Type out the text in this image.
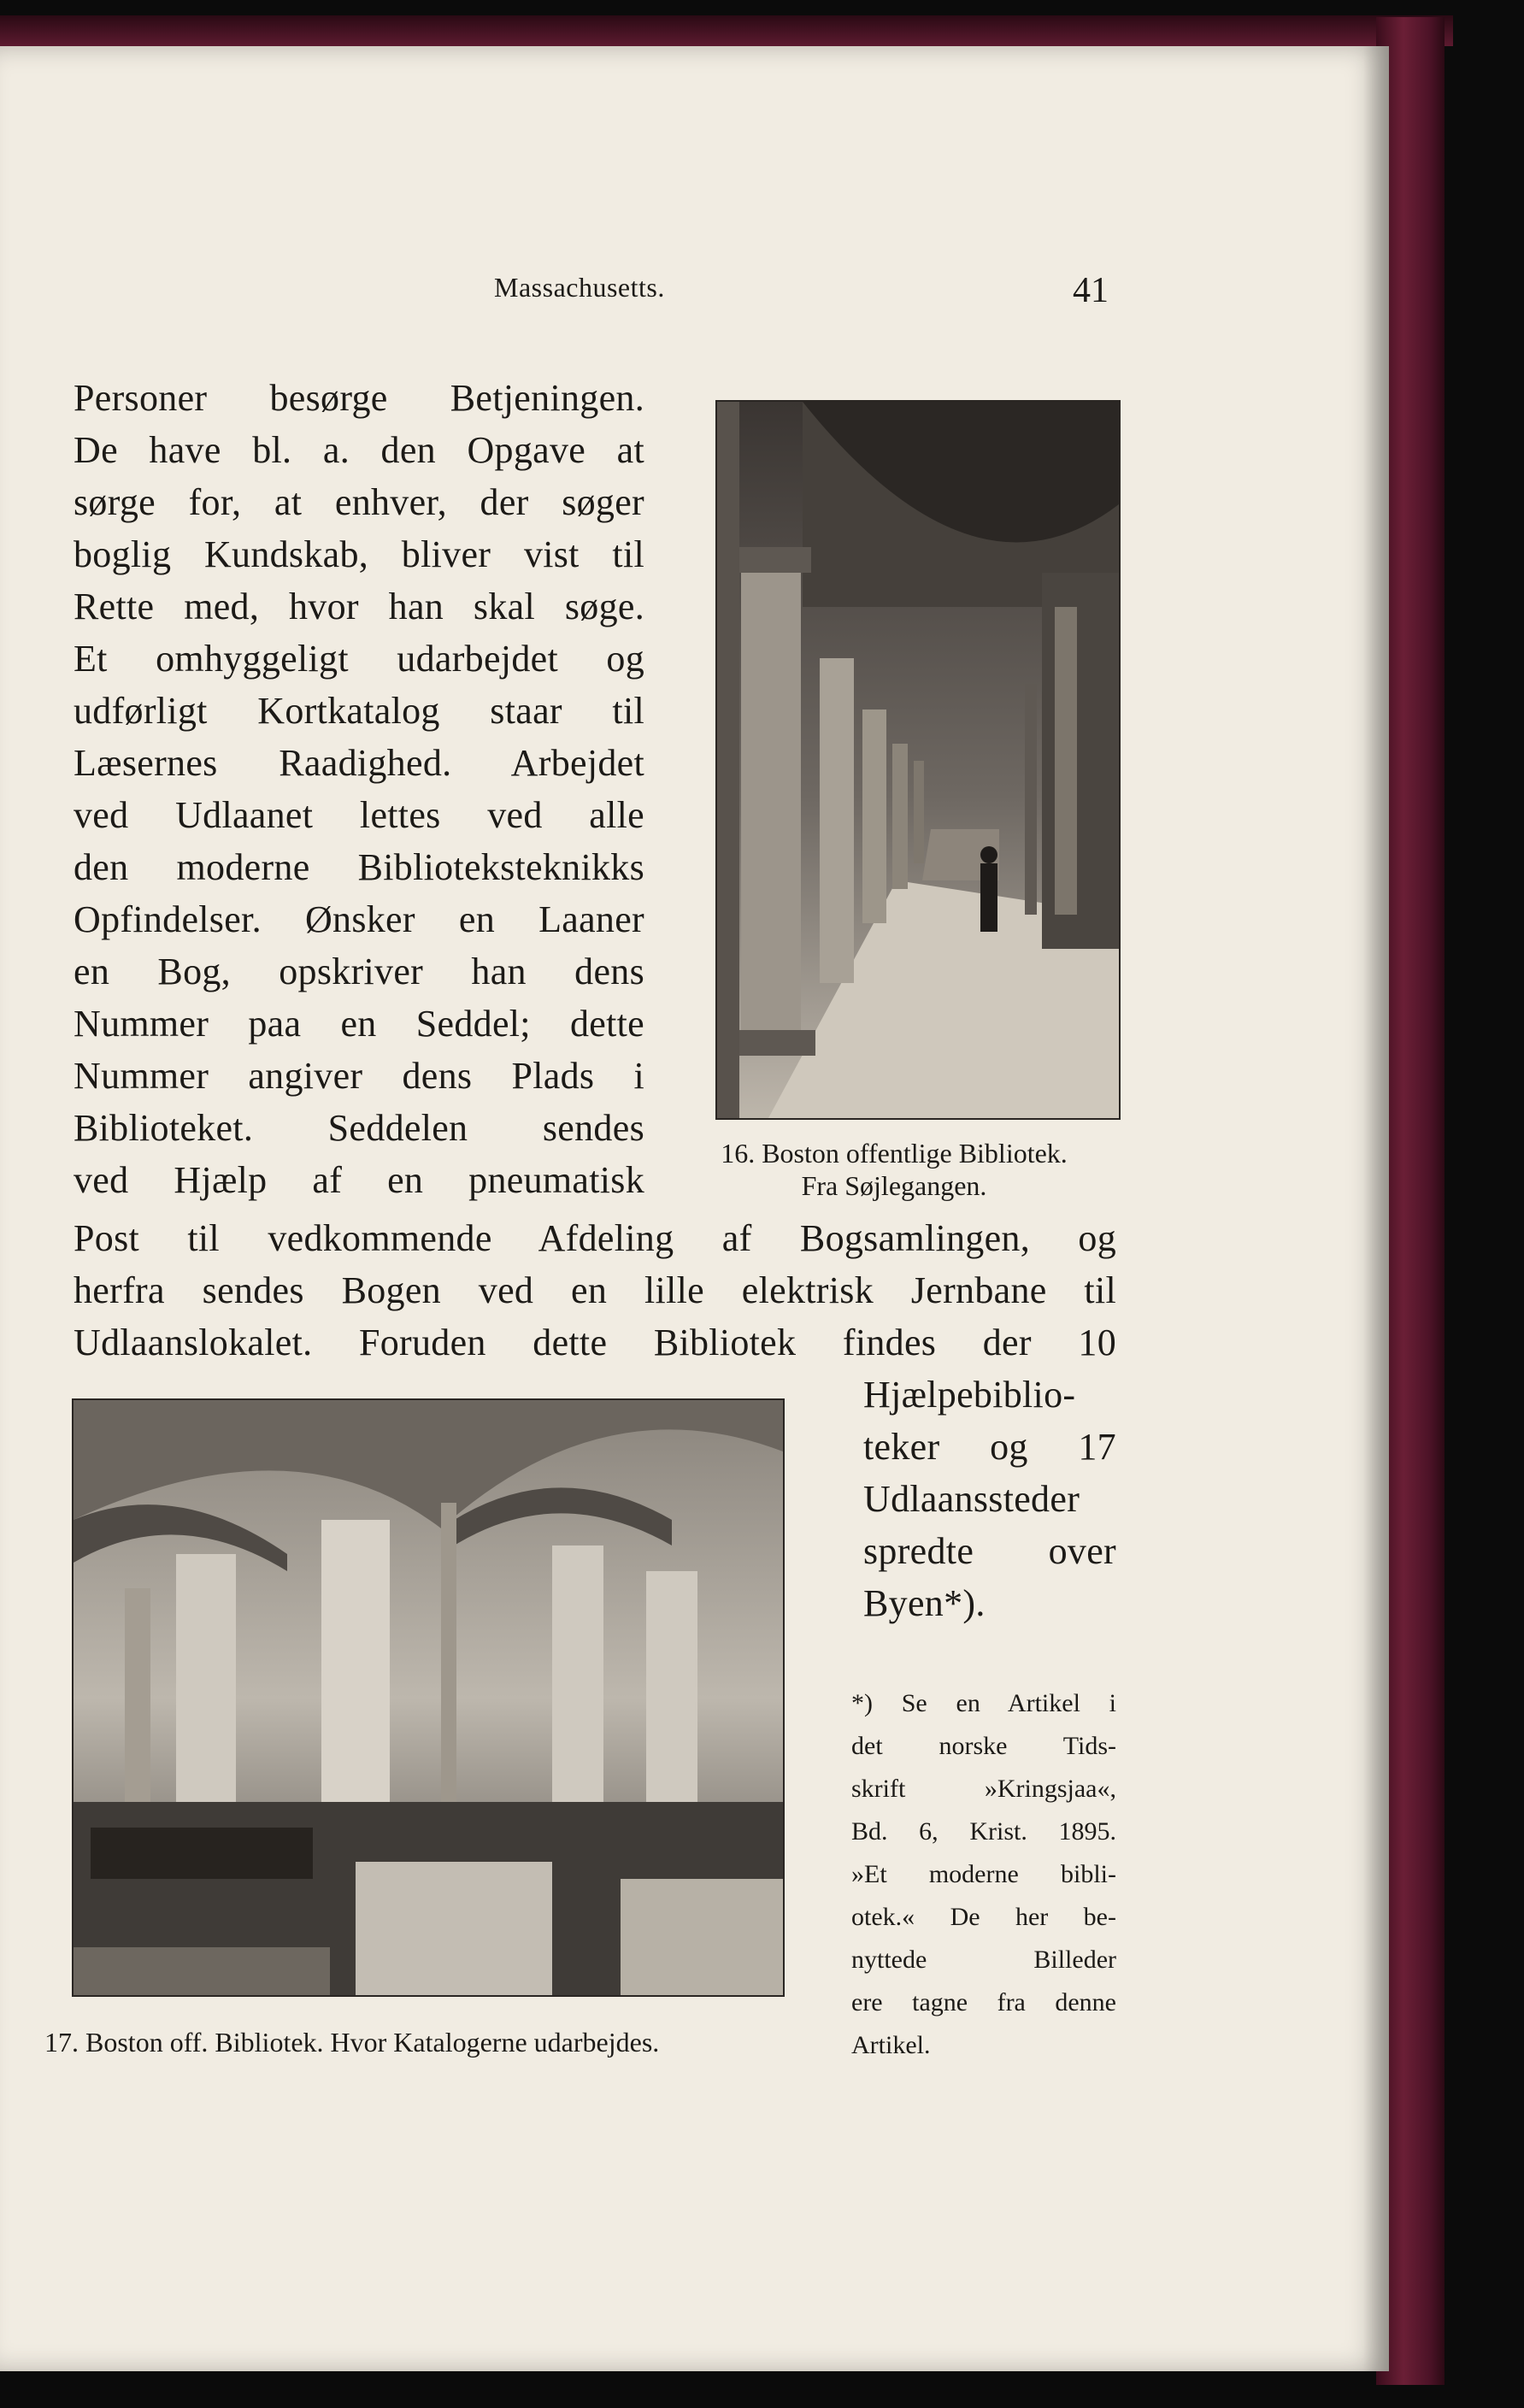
Massachusetts.	41
Personer besørge Betjeningen.
De have bl. a. den Opgave at
sørge for, at enhver, der søger
boglig Kundskab, bliver vist til
Rette med, hvor han skal søge.
Et omhyggeligt udarbejdet og
udførligt Kortkatalog staar til
Læsernes Raadighed. Arbejdet
ved Udlaanet lettes ved alle
den moderne Biblioteksteknikks
Opfindelser. Ønsker en Laaner
en Bog, opskriver han dens
Nummer paa en Seddel; dette
Nummer angiver dens Plads i
Biblioteket. Seddelen sendes
ved Hjælp af en pneumatisk
Post til vedkommende Afdeling af Bogsamlingen, og
herfra sendes Bogen ved en lille elektrisk Jernbane til
Udlaanslokalet. Foruden dette Bibliotek findes der 10
Hjælpebiblio-
teker og 17
Udlaanssteder
spredte over
Byen*).
16. Boston offentlige Bibliotek.
Fra Søjlegangen.
17. Boston off. Bibliotek. Hvor Katalogerne udarbejdes.
*) Se en Artikel i
det norske Tids-
skrift »Kringsjaa«,
Bd. 6, Krist. 1895.
»Et moderne bibli-
otek.« De her be-
nyttede Billeder
ere tagne fra denne
Artikel.
